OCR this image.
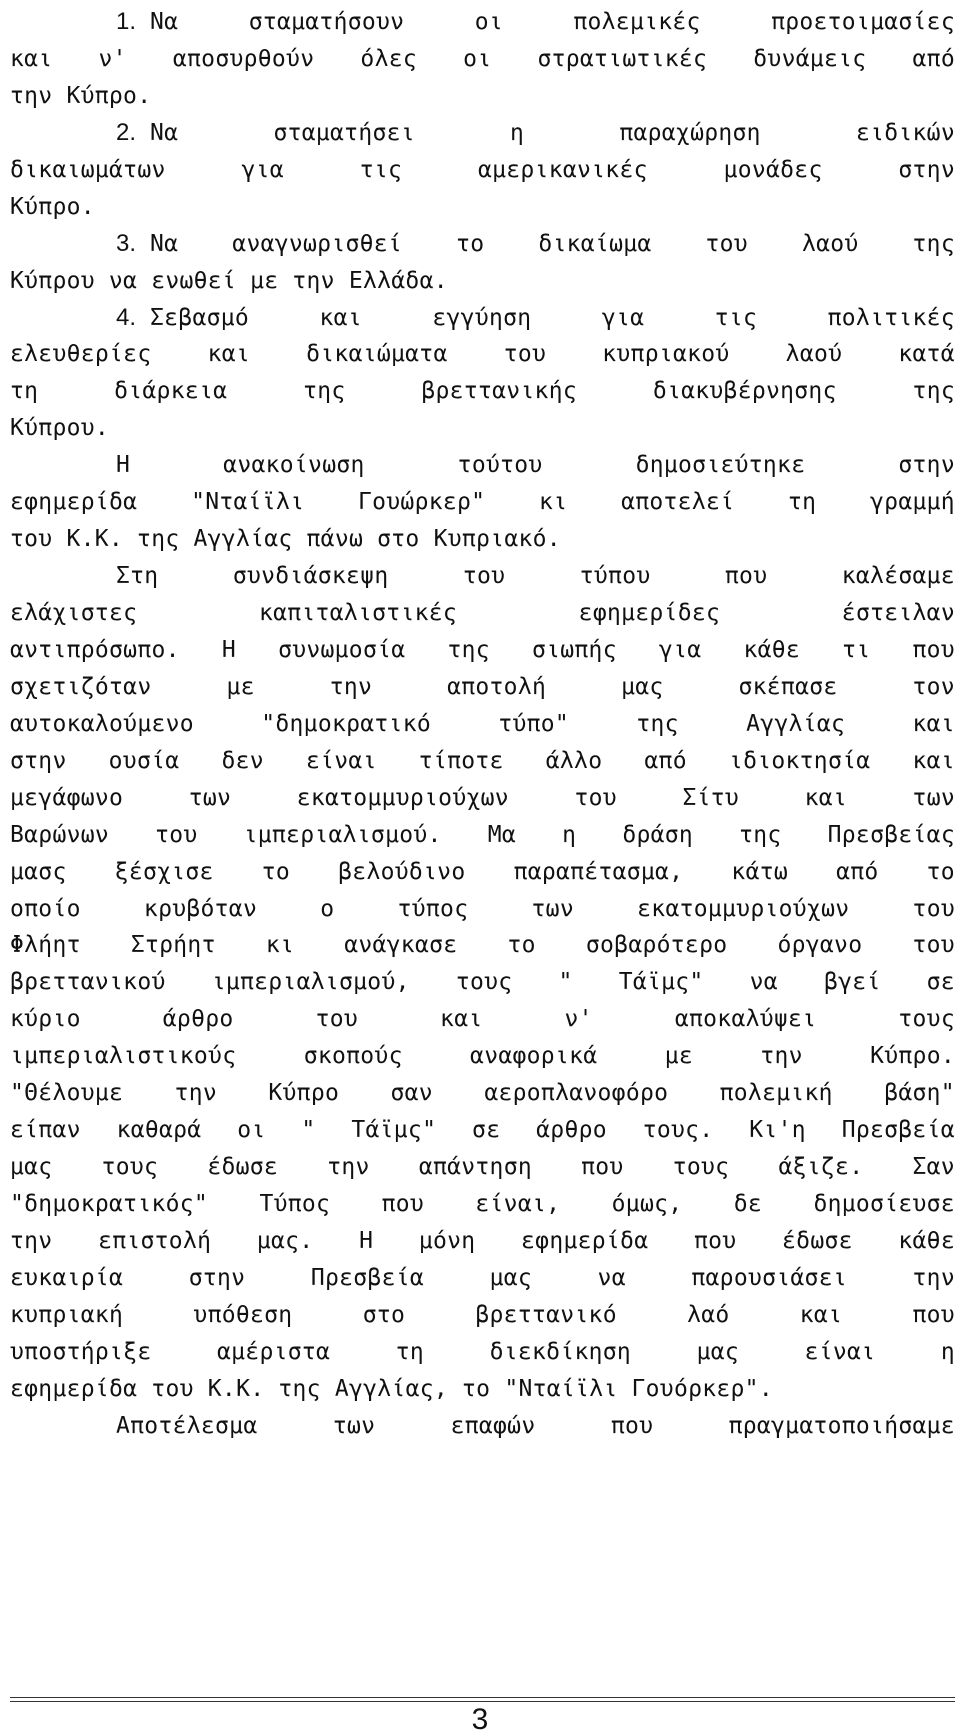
1. Να	σταματήσουν	οι	πολεμικές	προετοιμασίες
και ν' αποσυρθούν όλες οι στρατιωτικές δυνάμεις από
την Κύπρο.
2. Να	σταματήσει	η	παραχώρηση	ειδικών
δικαιωμάτων	για	τις	αμερικανικές	μονάδες	στην
Κύπρο.
3. Να αναγνωρισθεί το δικαίωμα του λαού της
Κύπρου να ενωθεί με την Ελλάδα.
4. Σεβασμό	και	εγγύηση	για	τις	πολιτικές
ελευθερίες και δικαιώματα του κυπριακού λαού κατά
τη	διάρκεια	της	βρεττανικής	διακυβέρνησης	της
Κύπρου.
Η	ανακοίνωση	τούτου	δημοσιεύτηκε	στην
εφημερίδα "Νταίϊλι Γουώρκερ" κι αποτελεί τη γραμμή
του Κ.Κ. της Αγγλίας πάνω στο Κυπριακό.
Στη	συνδιάσκεψη	του	τύπου	που	καλέσαμε
ελάχιστες	καπιταλιστικές	εφημερίδες	έστειλαν
αντιπρόσωπο. Η συνωμοσία της σιωπής για κάθε τι που
σχετιζόταν	με	την	αποτολή	μας	σκέπασε	τον
αυτοκαλούμενο	"δημοκρατικό	τύπο"	της	Αγγλίας	και
στην ουσία δεν είναι τίποτε άλλο από ιδιοκτησία και
μεγάφωνο	των	εκατομμυριούχων	του	Σίτυ	και	των
Βαρώνων του ιμπεριαλισμού. Μα η δράση της Πρεσβείας
μασς ξέσχισε το βελούδινο παραπέτασμα, κάτω από το
οποίο	κρυβόταν	ο	τύπος	των	εκατομμυριούχων	του
Φλήητ Στρήητ κι ανάγκασε το σοβαρότερο όργανο του
βρεττανικού ιμπεριαλισμού, τους " Τάϊμς" να βγεί σε
κύριο	άρθρο	του	και	ν'	αποκαλύψει	τους
ιμπεριαλιστικούς	σκοπούς	αναφορικά	με	την	Κύπρο.
"Θέλουμε την Κύπρο σαν αεροπλανοφόρο πολεμική βάση"
είπαν καθαρά οι " Τάϊμς" σε άρθρο τους. Κι'η Πρεσβεία
μας τους έδωσε την απάντηση που τους άξιζε. Σαν
"δημοκρατικός" Τύπος που είναι, όμως, δε δημοσίευσε
την επιστολή μας. Η μόνη εφημερίδα που έδωσε κάθε
ευκαιρία	στην	Πρεσβεία	μας	να	παρουσιάσει	την
κυπριακή	υπόθεση	στο	βρεττανικό	λαό	και	που
υποστήριξε	αμέριστα	τη	διεκδίκηση	μας	είναι	η
εφημερίδα του Κ.Κ. της Αγγλίας, το "Νταίϊλι Γουόρκερ".
Αποτέλεσμα	των	επαφών	που	πραγματοποιήσαμε
3
